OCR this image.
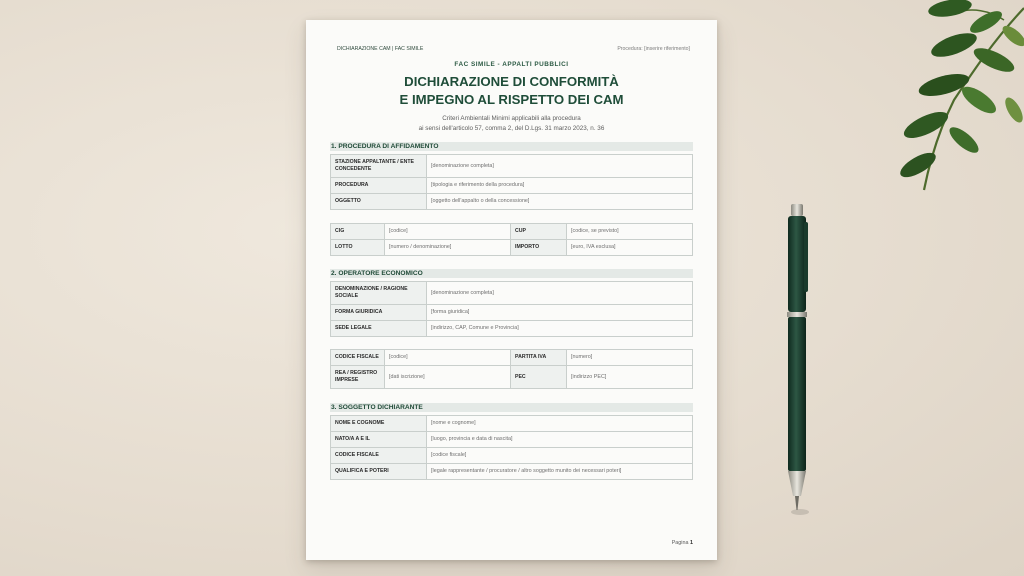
DICHIARAZIONE CAM | FAC SIMILE	Procedura: [inserire riferimento]
FAC SIMILE - APPALTI PUBBLICI
DICHIARAZIONE DI CONFORMITÀ
E IMPEGNO AL RISPETTO DEI CAM
Criteri Ambientali Minimi applicabili alla procedura
ai sensi dell'articolo 57, comma 2, del D.Lgs. 31 marzo 2023, n. 36
1. PROCEDURA DI AFFIDAMENTO
STAZIONE APPALTANTE / ENTE CONCEDENTE	[denominazione completa]
PROCEDURA	[tipologia e riferimento della procedura]
OGGETTO	[oggetto dell'appalto o della concessione]
CIG	[codice]	CUP	[codice, se previsto]
LOTTO	[numero / denominazione]	IMPORTO	[euro, IVA esclusa]
2. OPERATORE ECONOMICO
DENOMINAZIONE / RAGIONE SOCIALE	[denominazione completa]
FORMA GIURIDICA	[forma giuridica]
SEDE LEGALE	[indirizzo, CAP, Comune e Provincia]
CODICE FISCALE	[codice]	PARTITA IVA	[numero]
REA / REGISTRO IMPRESE	[dati iscrizione]	PEC	[indirizzo PEC]
3. SOGGETTO DICHIARANTE
NOME E COGNOME	[nome e cognome]
NATO/A A E IL	[luogo, provincia e data di nascita]
CODICE FISCALE	[codice fiscale]
QUALIFICA E POTERI	[legale rappresentante / procuratore / altro soggetto munito dei necessari poteri]
Pagina 1
